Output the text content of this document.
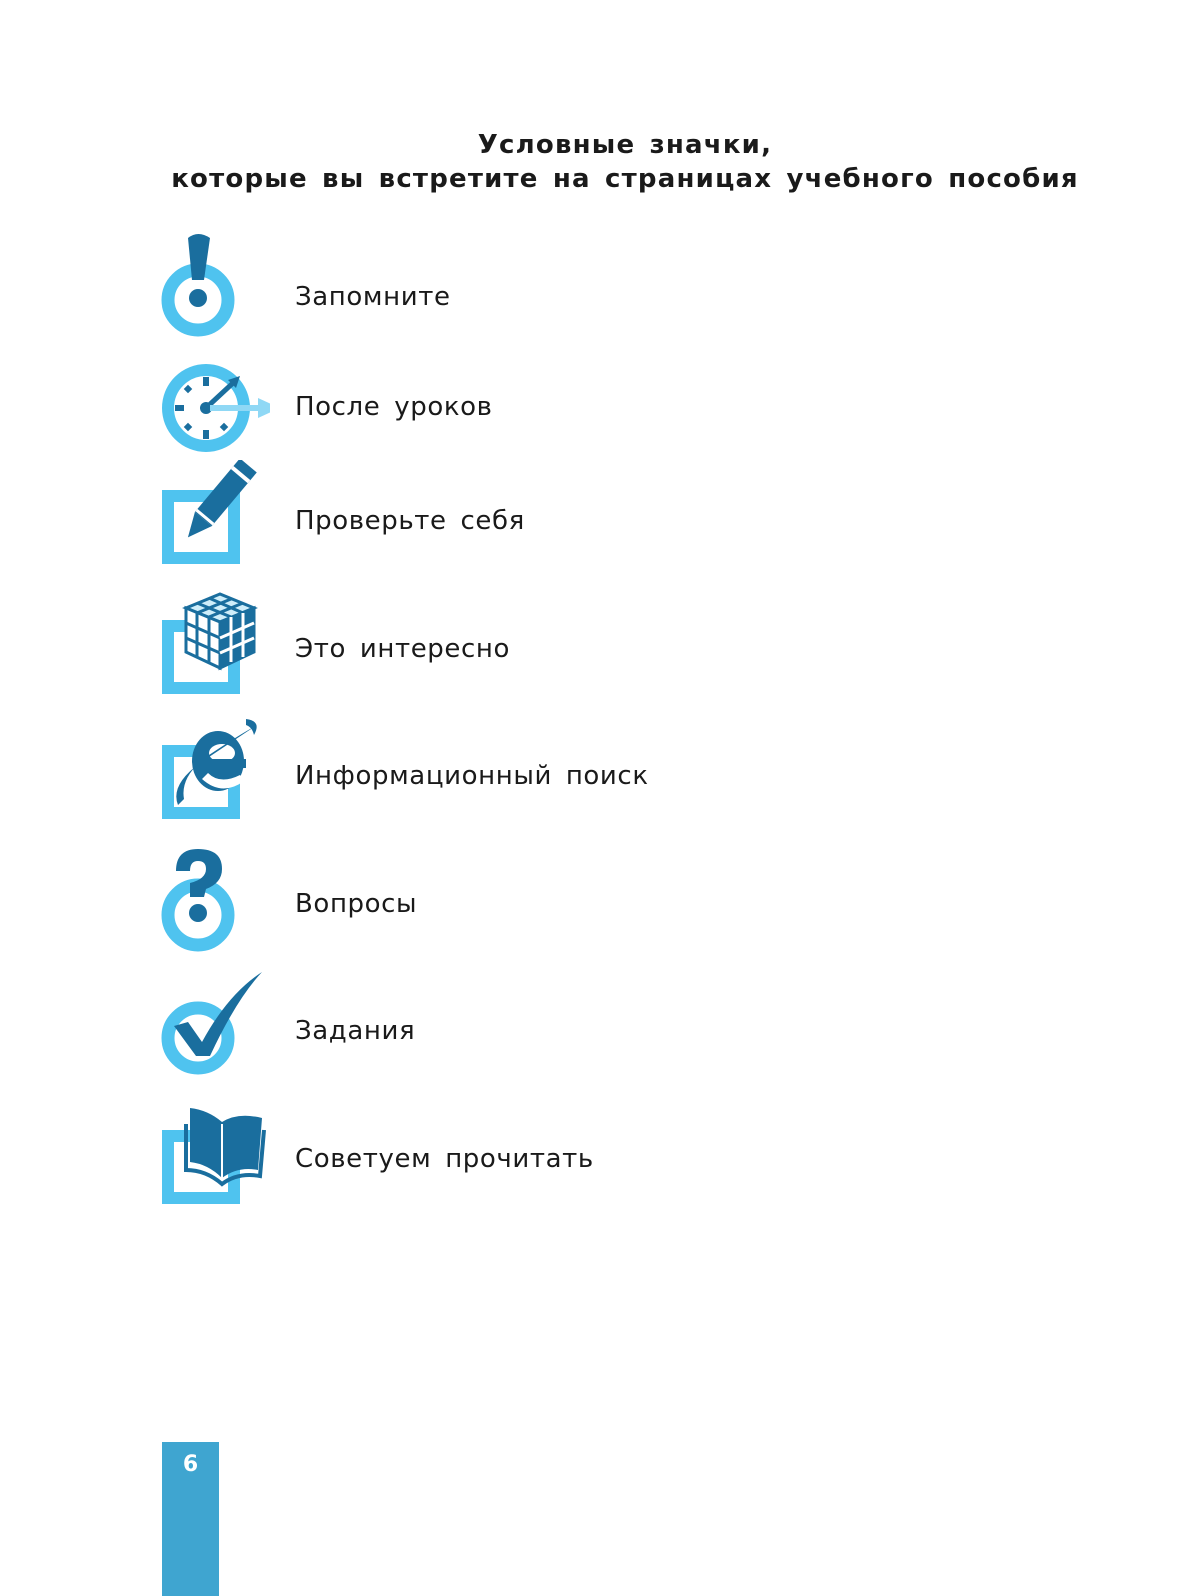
Условные значки,
которые вы встретите на страницах учебного пособия
Запомните
После уроков
Проверьте себя
Это интересно
Информационный поиск
Вопросы
Задания
Советуем прочитать
6
